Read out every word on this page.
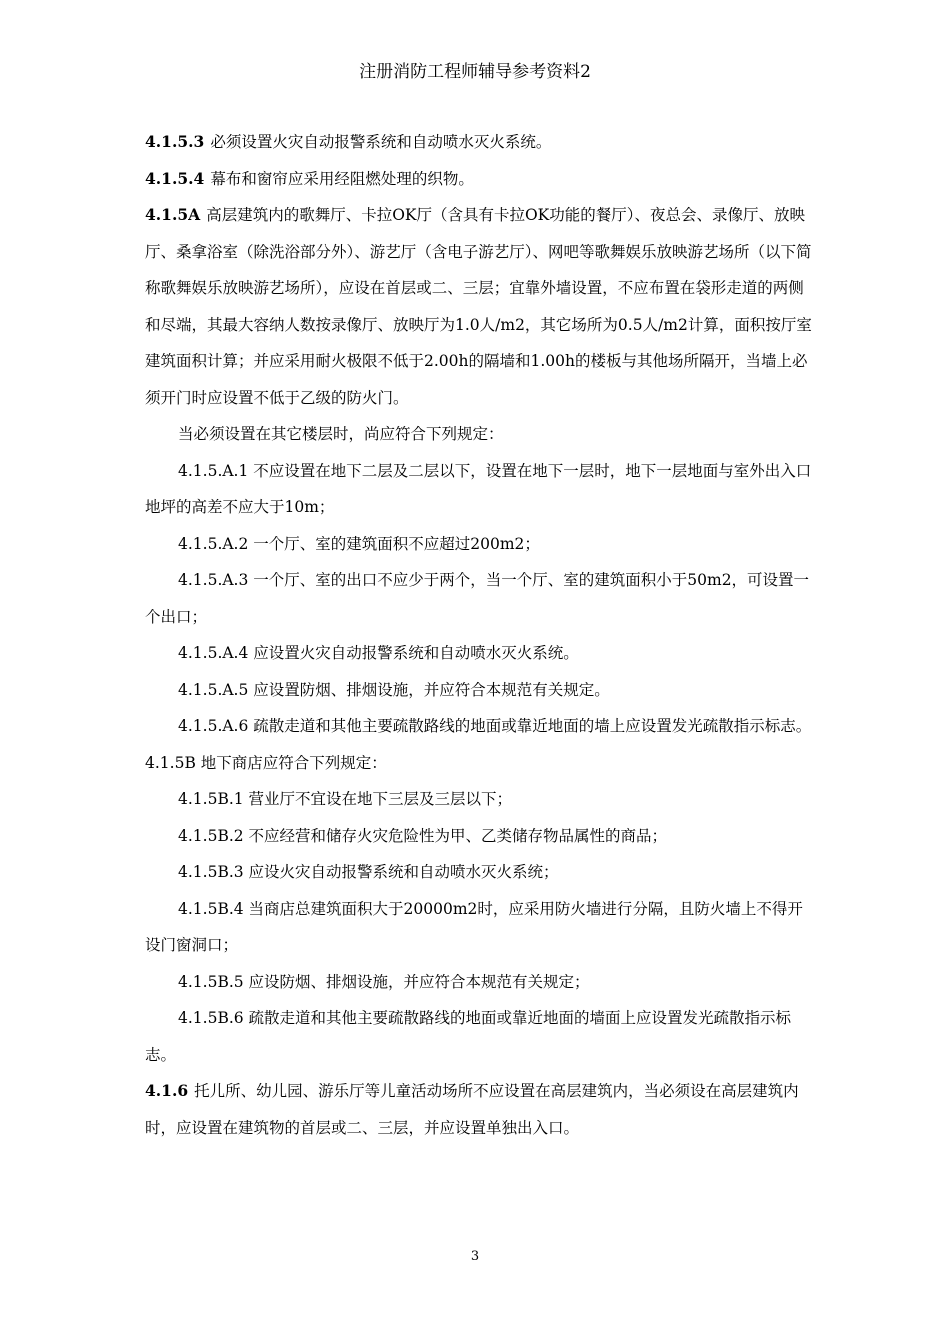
注册消防工程师辅导参考资料2

4.1.5.3 必须设置火灾自动报警系统和自动喷水灭火系统。

4.1.5.4 幕布和窗帘应采用经阻燃处理的织物。

4.1.5A 高层建筑内的歌舞厅、卡拉OK厅（含具有卡拉OK功能的餐厅）、夜总会、录像厅、放映厅、桑拿浴室（除洗浴部分外）、游艺厅（含电子游艺厅）、网吧等歌舞娱乐放映游艺场所（以下简称歌舞娱乐放映游艺场所），应设在首层或二、三层；宜靠外墙设置，不应布置在袋形走道的两侧和尽端，其最大容纳人数按录像厅、放映厅为1.0人/m2，其它场所为0.5人/m2计算，面积按厅室建筑面积计算；并应采用耐火极限不低于2.00h的隔墙和1.00h的楼板与其他场所隔开，当墙上必须开门时应设置不低于乙级的防火门。

当必须设置在其它楼层时，尚应符合下列规定：

4.1.5.A.1 不应设置在地下二层及二层以下，设置在地下一层时，地下一层地面与室外出入口地坪的高差不应大于10m；

4.1.5.A.2 一个厅、室的建筑面积不应超过200m2；

4.1.5.A.3 一个厅、室的出口不应少于两个，当一个厅、室的建筑面积小于50m2，可设置一个出口；

4.1.5.A.4 应设置火灾自动报警系统和自动喷水灭火系统。

4.1.5.A.5 应设置防烟、排烟设施，并应符合本规范有关规定。

4.1.5.A.6 疏散走道和其他主要疏散路线的地面或靠近地面的墙上应设置发光疏散指示标志。

4.1.5B 地下商店应符合下列规定：

4.1.5B.1 营业厅不宜设在地下三层及三层以下；

4.1.5B.2 不应经营和储存火灾危险性为甲、乙类储存物品属性的商品；

4.1.5B.3 应设火灾自动报警系统和自动喷水灭火系统；

4.1.5B.4 当商店总建筑面积大于20000m2时，应采用防火墙进行分隔，且防火墙上不得开设门窗洞口；

4.1.5B.5 应设防烟、排烟设施，并应符合本规范有关规定；

4.1.5B.6 疏散走道和其他主要疏散路线的地面或靠近地面的墙面上应设置发光疏散指示标志。

4.1.6 托儿所、幼儿园、游乐厅等儿童活动场所不应设置在高层建筑内，当必须设在高层建筑内时，应设置在建筑物的首层或二、三层，并应设置单独出入口。

3
